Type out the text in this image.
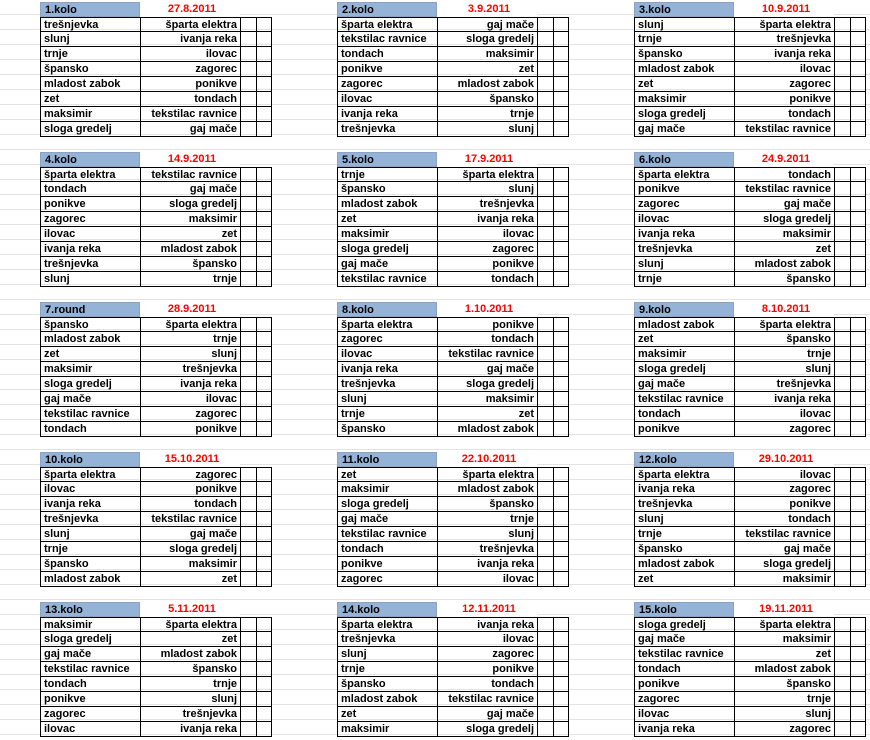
1.kolo	27.8.2011
trešnjevka	šparta elektra
slunj	ivanja reka
trnje	ilovac
špansko	zagorec
mladost zabok	ponikve
zet	tondach
maksimir	tekstilac ravnice
sloga gredelj	gaj mače
2.kolo	3.9.2011
šparta elektra	gaj mače
tekstilac ravnice	sloga gredelj
tondach	maksimir
ponikve	zet
zagorec	mladost zabok
ilovac	špansko
ivanja reka	trnje
trešnjevka	slunj
3.kolo	10.9.2011
slunj	šparta elektra
trnje	trešnjevka
špansko	ivanja reka
mladost zabok	ilovac
zet	zagorec
maksimir	ponikve
sloga gredelj	tondach
gaj mače	tekstilac ravnice
4.kolo	14.9.2011
šparta elektra	tekstilac ravnice
tondach	gaj mače
ponikve	sloga gredelj
zagorec	maksimir
ilovac	zet
ivanja reka	mladost zabok
trešnjevka	špansko
slunj	trnje
5.kolo	17.9.2011
trnje	šparta elektra
špansko	slunj
mladost zabok	trešnjevka
zet	ivanja reka
maksimir	ilovac
sloga gredelj	zagorec
gaj mače	ponikve
tekstilac ravnice	tondach
6.kolo	24.9.2011
šparta elektra	tondach
ponikve	tekstilac ravnice
zagorec	gaj mače
ilovac	sloga gredelj
ivanja reka	maksimir
trešnjevka	zet
slunj	mladost zabok
trnje	špansko
7.round	28.9.2011
špansko	šparta elektra
mladost zabok	trnje
zet	slunj
maksimir	trešnjevka
sloga gredelj	ivanja reka
gaj mače	ilovac
tekstilac ravnice	zagorec
tondach	ponikve
8.kolo	1.10.2011
šparta elektra	ponikve
zagorec	tondach
ilovac	tekstilac ravnice
ivanja reka	gaj mače
trešnjevka	sloga gredelj
slunj	maksimir
trnje	zet
špansko	mladost zabok
9.kolo	8.10.2011
mladost zabok	šparta elektra
zet	špansko
maksimir	trnje
sloga gredelj	slunj
gaj mače	trešnjevka
tekstilac ravnice	ivanja reka
tondach	ilovac
ponikve	zagorec
10.kolo	15.10.2011
šparta elektra	zagorec
ilovac	ponikve
ivanja reka	tondach
trešnjevka	tekstilac ravnice
slunj	gaj mače
trnje	sloga gredelj
špansko	maksimir
mladost zabok	zet
11.kolo	22.10.2011
zet	šparta elektra
maksimir	mladost zabok
sloga gredelj	špansko
gaj mače	trnje
tekstilac ravnice	slunj
tondach	trešnjevka
ponikve	ivanja reka
zagorec	ilovac
12.kolo	29.10.2011
šparta elektra	ilovac
ivanja reka	zagorec
trešnjevka	ponikve
slunj	tondach
trnje	tekstilac ravnice
špansko	gaj mače
mladost zabok	sloga gredelj
zet	maksimir
13.kolo	5.11.2011
maksimir	šparta elektra
sloga gredelj	zet
gaj mače	mladost zabok
tekstilac ravnice	špansko
tondach	trnje
ponikve	slunj
zagorec	trešnjevka
ilovac	ivanja reka
14.kolo	12.11.2011
šparta elektra	ivanja reka
trešnjevka	ilovac
slunj	zagorec
trnje	ponikve
špansko	tondach
mladost zabok	tekstilac ravnice
zet	gaj mače
maksimir	sloga gredelj
15.kolo	19.11.2011
sloga gredelj	šparta elektra
gaj mače	maksimir
tekstilac ravnice	zet
tondach	mladost zabok
ponikve	špansko
zagorec	trnje
ilovac	slunj
ivanja reka	zagorec
